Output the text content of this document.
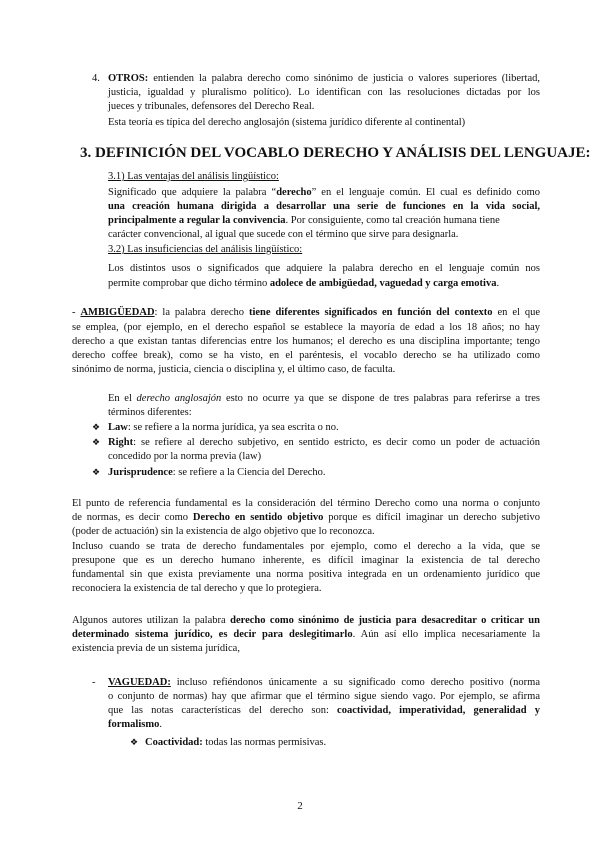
4. OTROS: entienden la palabra derecho como sinónimo de justicia o valores superiores (libertad,
justicia, igualdad y pluralismo político). Lo identifican con las resoluciones dictadas por los
jueces y tribunales, defensores del Derecho Real.
Esta teoría es típica del derecho anglosajón (sistema jurídico diferente al continental)
3. DEFINICIÓN DEL VOCABLO DERECHO Y ANÁLISIS DEL LENGUAJE:
3.1) Las ventajas del análisis lingüístico:
Significado que adquiere la palabra “derecho” en el lenguaje común. El cual es definido como
una creación humana dirigida a desarrollar una serie de funciones en la vida social,
principalmente a regular la convivencia. Por consiguiente, como tal creación humana tiene
carácter convencional, al igual que sucede con el término que sirve para designarla.
3.2) Las insuficiencias del análisis lingüístico:
Los distintos usos o significados que adquiere la palabra derecho en el lenguaje común nos
permite comprobar que dicho término adolece de ambigüedad, vaguedad y carga emotiva.
- AMBIGÜEDAD: la palabra derecho tiene diferentes significados en función del contexto en el que
se emplea, (por ejemplo, en el derecho español se establece la mayoría de edad a los 18 años; no hay
derecho a que existan tantas diferencias entre los humanos; el derecho es una disciplina importante; tengo
derecho coffee break), como se ha visto, en el paréntesis, el vocablo derecho se ha utilizado como
sinónimo de norma, justicia, ciencia o disciplina y, el último caso, de faculta.
En el derecho anglosajón esto no ocurre ya que se dispone de tres palabras para referirse a tres
términos diferentes:
❖ Law: se refiere a la norma jurídica, ya sea escrita o no.
❖ Right: se refiere al derecho subjetivo, en sentido estricto, es decir como un poder de actuación
concedido por la norma previa (law)
❖ Jurisprudence: se refiere a la Ciencia del Derecho.
El punto de referencia fundamental es la consideración del término Derecho como una norma o conjunto
de normas, es decir como Derecho en sentido objetivo porque es difícil imaginar un derecho subjetivo
(poder de actuación) sin la existencia de algo objetivo que lo reconozca.
Incluso cuando se trata de derecho fundamentales por ejemplo, como el derecho a la vida, que se
presupone que es un derecho humano inherente, es difícil imaginar la existencia de tal derecho
fundamental sin que exista previamente una norma positiva integrada en un ordenamiento jurídico que
reconociera la existencia de tal derecho y que lo protegiera.
Algunos autores utilizan la palabra derecho como sinónimo de justicia para desacreditar o criticar un
determinado sistema jurídico, es decir para deslegitimarlo. Aún así ello implica necesariamente la
existencia previa de un sistema jurídica,
- VAGUEDAD: incluso refiéndonos únicamente a su significado como derecho positivo (norma
o conjunto de normas) hay que afirmar que el término sigue siendo vago. Por ejemplo, se afirma
que las notas características del derecho son: coactividad, imperatividad, generalidad y
formalismo.
❖ Coactividad: todas las normas permisivas.
2
